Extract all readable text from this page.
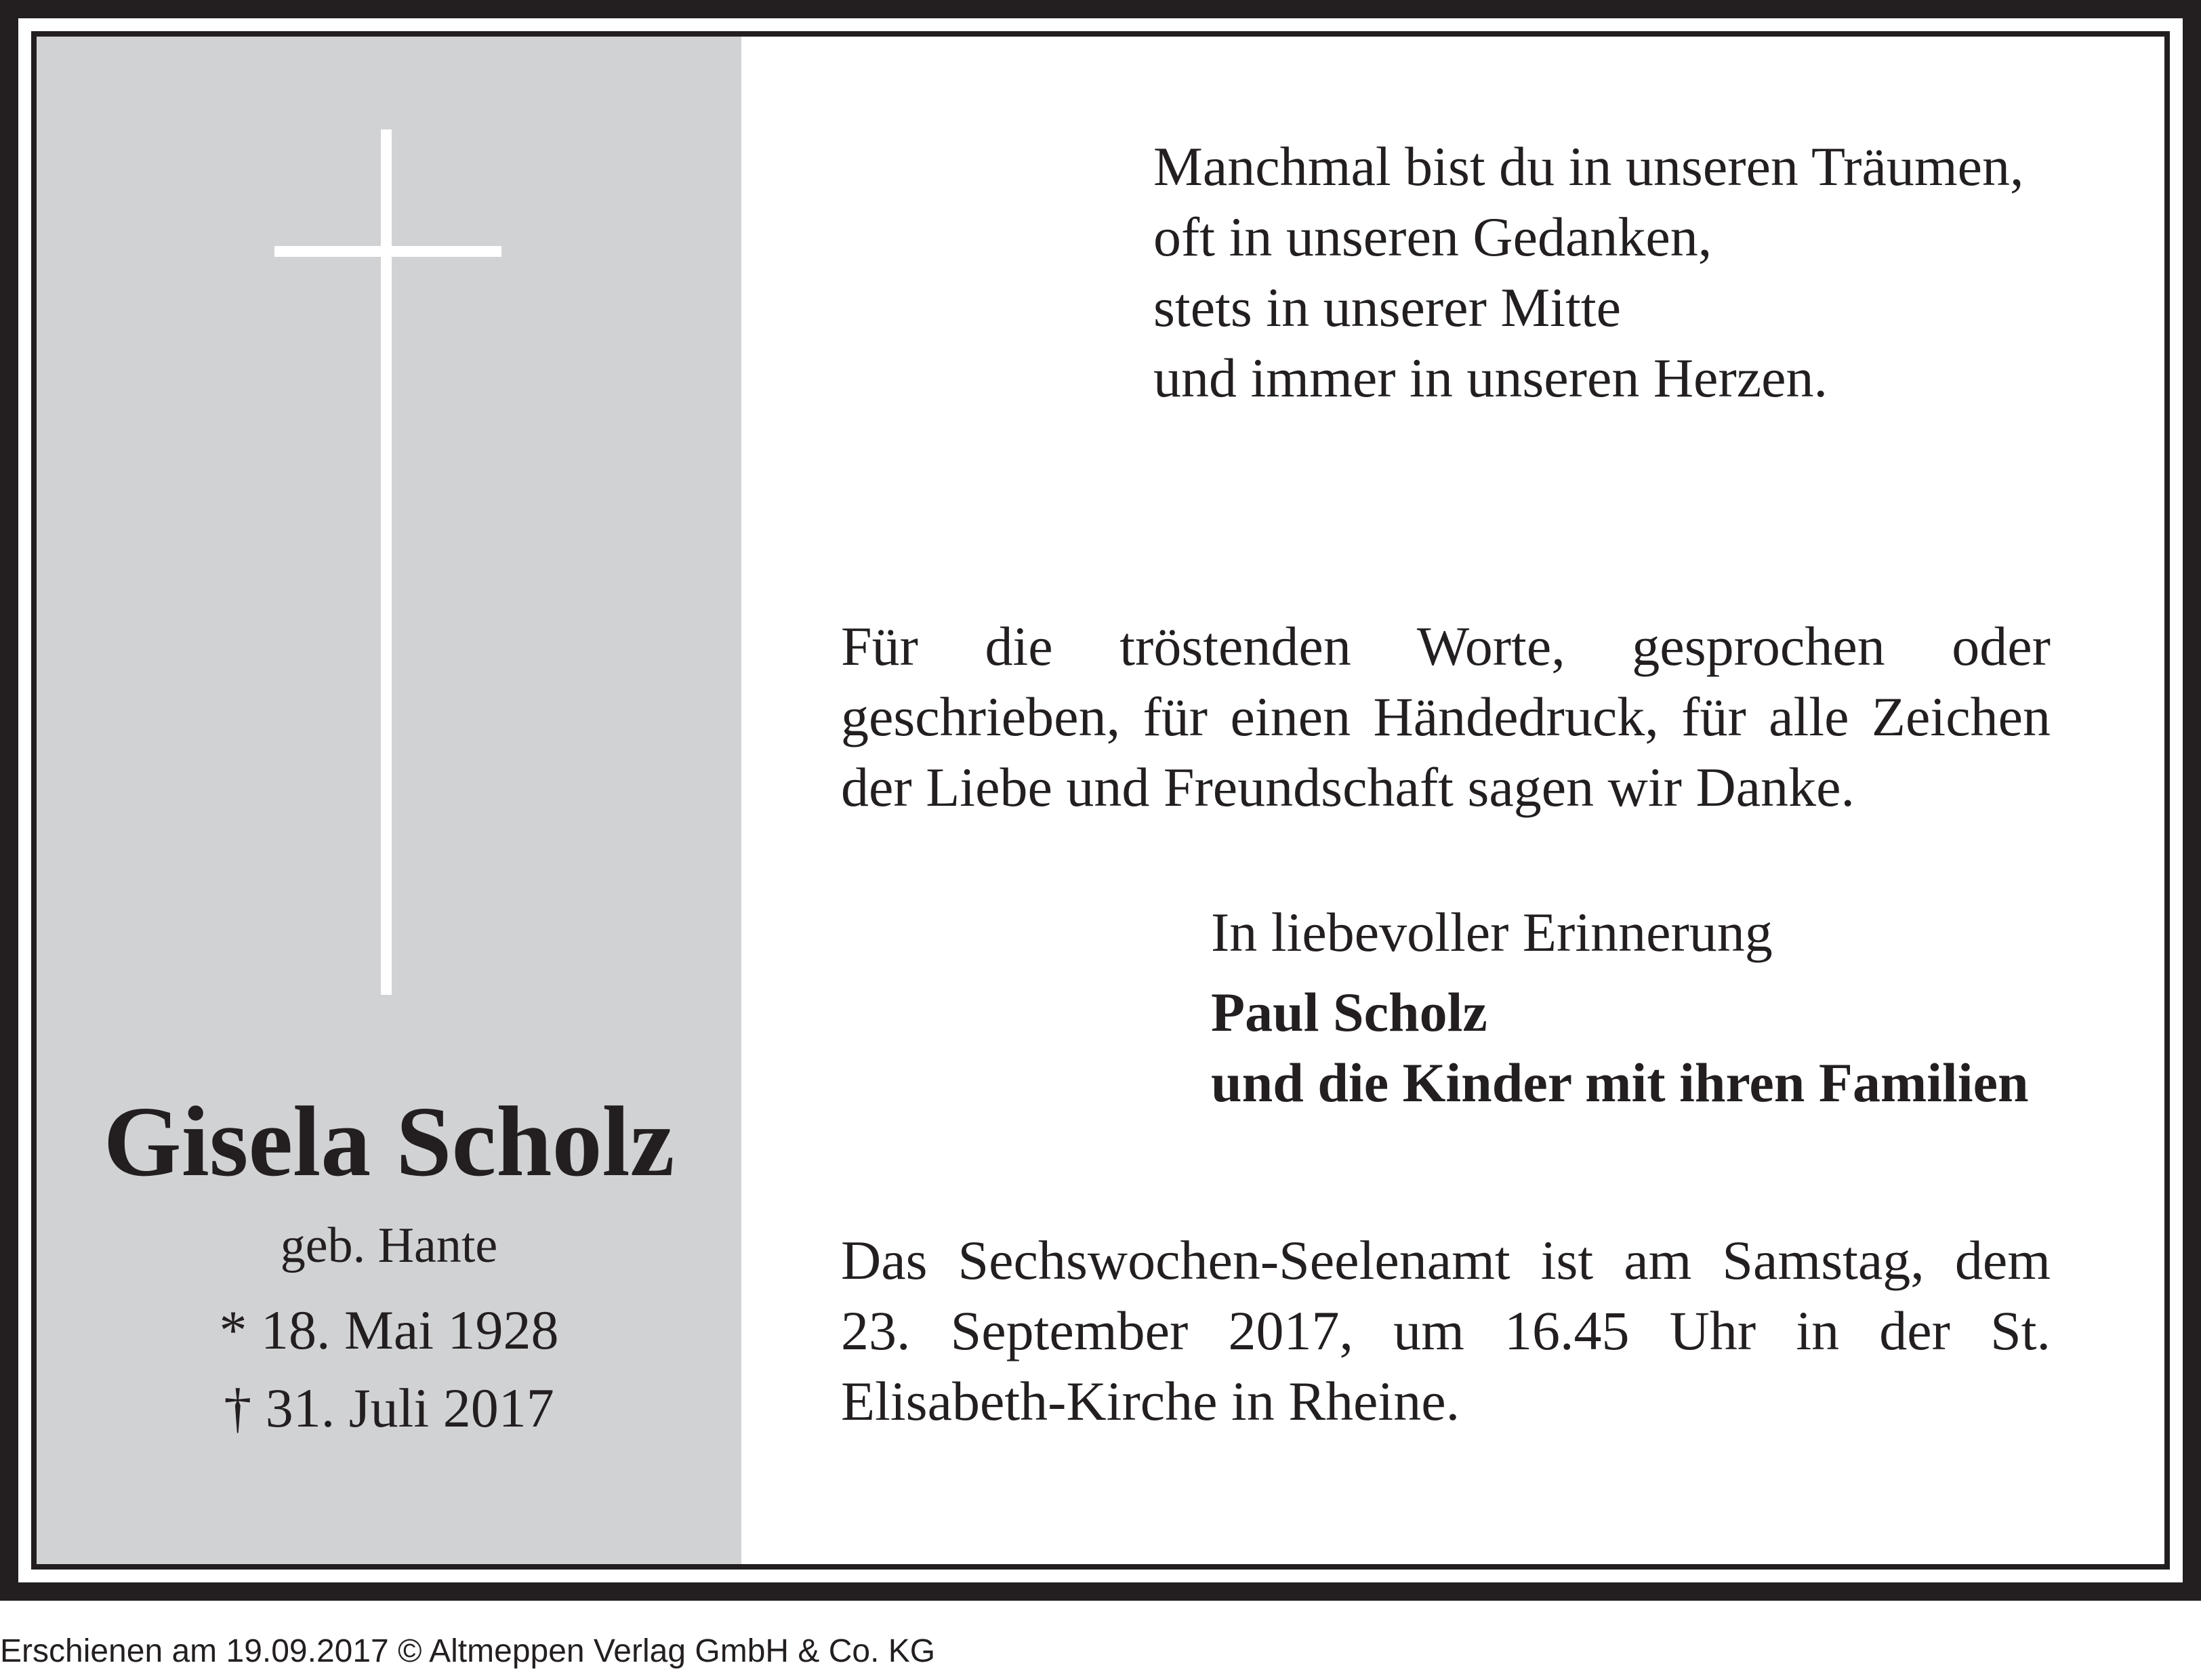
Gisela Scholz
geb. Hante
* 18. Mai 1928
† 31. Juli 2017
Manchmal bist du in unseren Träumen,
oft in unseren Gedanken,
stets in unserer Mitte
und immer in unseren Herzen.
Für die tröstenden Worte, gesprochen oder geschrieben, für einen Händedruck, für alle Zeichen der Liebe und Freundschaft sagen wir Danke.
In liebevoller Erinnerung
Paul Scholz
und die Kinder mit ihren Familien
Das Sechswochen-Seelenamt ist am Samstag, dem 23. September 2017, um 16.45 Uhr in der St. Elisabeth-Kirche in Rheine.
Erschienen am 19.09.2017 © Altmeppen Verlag GmbH & Co. KG
